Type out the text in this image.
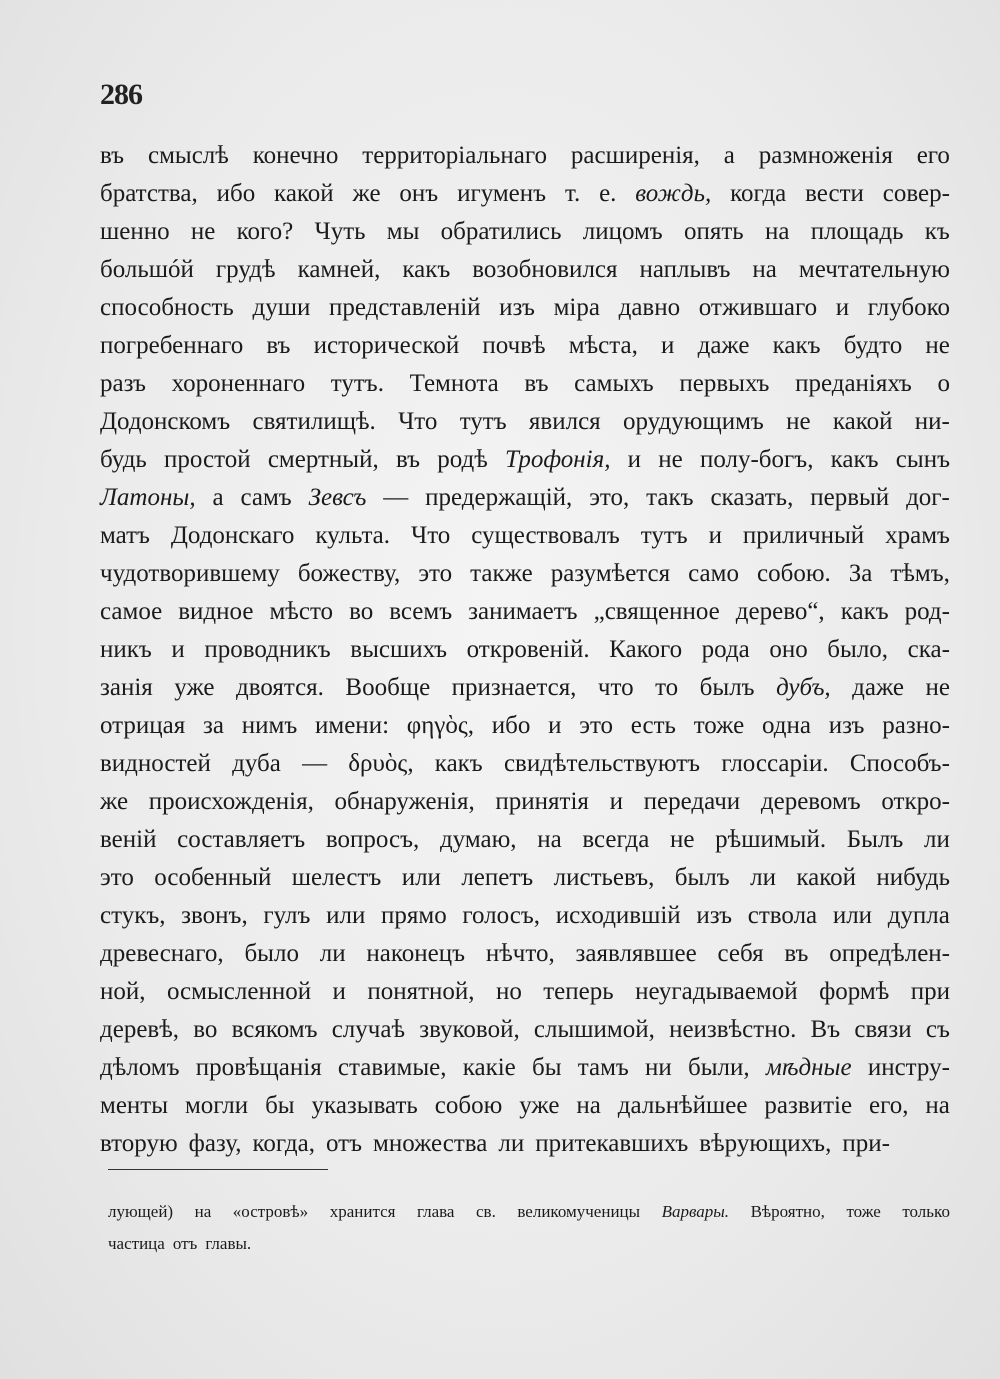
286
въ смыслѣ конечно территоріальнаго расширенія, а размноженія его
братства, ибо какой же онъ игуменъ т. е. вождь, когда вести совер-
шенно не кого? Чуть мы обратились лицомъ опять на площадь къ
большóй грудѣ камней, какъ возобновился наплывъ на мечтательную
способность души представленій изъ міра давно отжившаго и глубоко
погребеннаго въ исторической почвѣ мѣста, и даже какъ будто не
разъ хороненнаго тутъ. Темнота въ самыхъ первыхъ преданіяхъ о
Додонскомъ святилищѣ. Что тутъ явился орудующимъ не какой ни-
будь простой смертный, въ родѣ Трофонія, и не полу-богъ, какъ сынъ
Латоны, а самъ Зевсъ — предержащій, это, такъ сказать, первый дог-
матъ Додонскаго культа. Что существовалъ тутъ и приличный храмъ
чудотворившему божеству, это также разумѣется само собою. За тѣмъ,
самое видное мѣсто во всемъ занимаетъ „священное дерево“, какъ род-
никъ и проводникъ высшихъ откровеній. Какого рода оно было, ска-
занія уже двоятся. Вообще признается, что то былъ дубъ, даже не
отрицая за нимъ имени: φηγὸς, ибо и это есть тоже одна изъ разно-
видностей дуба — δρυὸς, какъ свидѣтельствуютъ глоссаріи. Способъ-
же происхожденія, обнаруженія, принятія и передачи деревомъ откро-
веній составляетъ вопросъ, думаю, на всегда не рѣшимый. Былъ ли
это особенный шелестъ или лепетъ листьевъ, былъ ли какой нибудь
стукъ, звонъ, гулъ или прямо голосъ, исходившій изъ ствола или дупла
древеснаго, было ли наконецъ нѣчто, заявлявшее себя въ опредѣлен-
ной, осмысленной и понятной, но теперь неугадываемой формѣ при
деревѣ, во всякомъ случаѣ звуковой, слышимой, неизвѣстно. Въ связи съ
дѣломъ провѣщанія ставимые, какіе бы тамъ ни были, мѣдные инстру-
менты могли бы указывать собою уже на дальнѣйшее развитіе его, на
вторую фазу, когда, отъ множества ли притекавшихъ вѣрующихъ, при-
лующей) на «островѣ» хранится глава св. великомученицы Варвары. Вѣроятно, тоже только
частица отъ главы.
